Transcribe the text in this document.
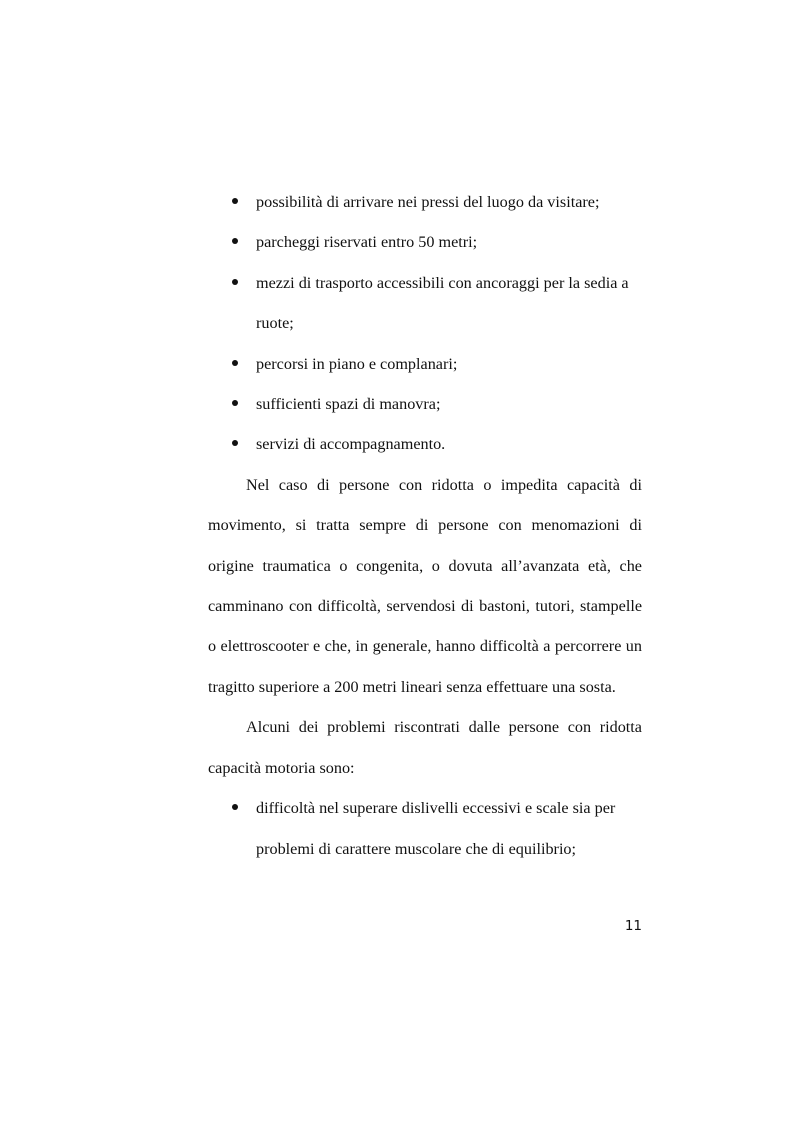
possibilità di arrivare nei pressi del luogo da visitare;
parcheggi riservati entro 50 metri;
mezzi di trasporto accessibili con ancoraggi per la sedia a ruote;
percorsi in piano e complanari;
sufficienti spazi di manovra;
servizi di accompagnamento.

Nel caso di persone con ridotta o impedita capacità di movimento, si tratta sempre di persone con menomazioni di origine traumatica o congenita, o dovuta all’avanzata età, che camminano con difficoltà, servendosi di bastoni, tutori, stampelle o elettroscooter e che, in generale, hanno difficoltà a percorrere un tragitto superiore a 200 metri lineari senza effettuare una sosta.

Alcuni dei problemi riscontrati dalle persone con ridotta capacità motoria sono:

difficoltà nel superare dislivelli eccessivi e scale sia per problemi di carattere muscolare che di equilibrio;
11
